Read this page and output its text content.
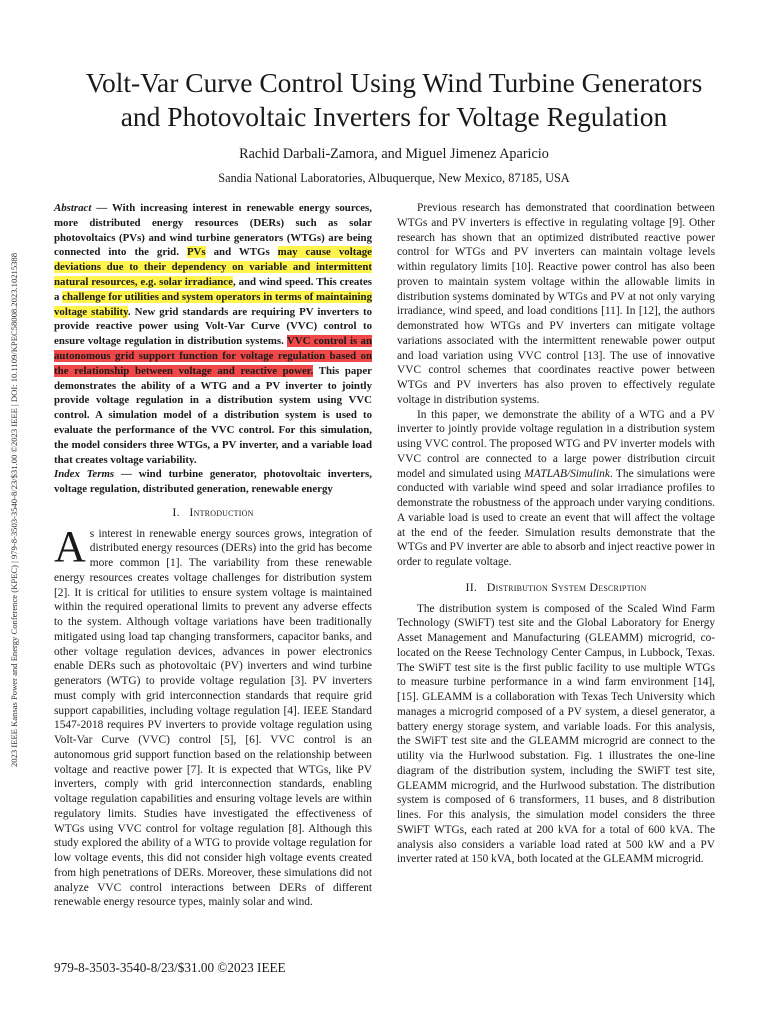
2023 IEEE Kansas Power and Energy Conference (KPEC) | 979-8-3503-3540-8/23/$31.00 ©2023 IEEE | DOI: 10.1109/KPEC58008.2023.10215388
Volt-Var Curve Control Using Wind Turbine Generators
and Photovoltaic Inverters for Voltage Regulation
Rachid Darbali-Zamora, and Miguel Jimenez Aparicio
Sandia National Laboratories, Albuquerque, New Mexico, 87185, USA

Abstract — With increasing interest in renewable energy sources, more distributed energy resources (DERs) such as solar photovoltaics (PVs) and wind turbine generators (WTGs) are being connected into the grid. PVs and WTGs may cause voltage deviations due to their dependency on variable and intermittent natural resources, e.g. solar irradiance, and wind speed. This creates a challenge for utilities and system operators in terms of maintaining voltage stability. New grid standards are requiring PV inverters to provide reactive power using Volt-Var Curve (VVC) control to ensure voltage regulation in distribution systems. VVC control is an autonomous grid support function for voltage regulation based on the relationship between voltage and reactive power. This paper demonstrates the ability of a WTG and a PV inverter to jointly provide voltage regulation in a distribution system using VVC control. A simulation model of a distribution system is used to evaluate the performance of the VVC control. For this simulation, the model considers three WTGs, a PV inverter, and a variable load that creates voltage variability.

Index Terms — wind turbine generator, photovoltaic inverters, voltage regulation, distributed generation, renewable energy

I. Introduction

As interest in renewable energy sources grows, integration of distributed energy resources (DERs) into the grid has become more common [1]. The variability from these renewable energy resources creates voltage challenges for distribution system [2]. It is critical for utilities to ensure system voltage is maintained within the required operational limits to prevent any adverse effects to the system. Although voltage variations have been traditionally mitigated using load tap changing transformers, capacitor banks, and other voltage regulation devices, advances in power electronics enable DERs such as photovoltaic (PV) inverters and wind turbine generators (WTG) to provide voltage regulation [3]. PV inverters must comply with grid interconnection standards that require grid support capabilities, including voltage regulation [4]. IEEE Standard 1547-2018 requires PV inverters to provide voltage regulation using Volt-Var Curve (VVC) control [5], [6]. VVC control is an autonomous grid support function based on the relationship between voltage and reactive power [7]. It is expected that WTGs, like PV inverters, comply with grid interconnection standards, enabling voltage regulation capabilities and ensuring voltage levels are within regulatory limits. Studies have investigated the effectiveness of WTGs using VVC control for voltage regulation [8]. Although this study explored the ability of a WTG to provide voltage regulation for low voltage events, this did not consider high voltage events created from high penetrations of DERs. Moreover, these simulations did not analyze VVC control interactions between DERs of different renewable energy resource types, mainly solar and wind.

Previous research has demonstrated that coordination between WTGs and PV inverters is effective in regulating voltage [9]. Other research has shown that an optimized distributed reactive power control for WTGs and PV inverters can maintain voltage levels within regulatory limits [10]. Reactive power control has also been proven to maintain system voltage within the allowable limits in distribution systems dominated by WTGs and PV at not only varying irradiance, wind speed, and load conditions [11]. In [12], the authors demonstrated how WTGs and PV inverters can mitigate voltage variations associated with the intermittent renewable power output and load variation using VVC control [13]. The use of innovative VVC control schemes that coordinates reactive power between WTGs and PV inverters has also proven to effectively regulate voltage in distribution systems.

In this paper, we demonstrate the ability of a WTG and a PV inverter to jointly provide voltage regulation in a distribution system using VVC control. The proposed WTG and PV inverter models with VVC control are connected to a large power distribution circuit model and simulated using MATLAB/Simulink. The simulations were conducted with variable wind speed and solar irradiance profiles to demonstrate the robustness of the approach under varying conditions. A variable load is used to create an event that will affect the voltage at the end of the feeder. Simulation results demonstrate that the WTGs and PV inverter are able to absorb and inject reactive power in order to regulate voltage.

II. Distribution System Description

The distribution system is composed of the Scaled Wind Farm Technology (SWiFT) test site and the Global Laboratory for Energy Asset Management and Manufacturing (GLEAMM) microgrid, co-located on the Reese Technology Center Campus, in Lubbock, Texas. The SWiFT test site is the first public facility to use multiple WTGs to measure turbine performance in a wind farm environment [14], [15]. GLEAMM is a collaboration with Texas Tech University which manages a microgrid composed of a PV system, a diesel generator, a battery energy storage system, and variable loads. For this analysis, the SWiFT test site and the GLEAMM microgrid are connect to the utility via the Hurlwood substation. Fig. 1 illustrates the one-line diagram of the distribution system, including the SWiFT test site, GLEAMM microgrid, and the Hurlwood substation. The distribution system is composed of 6 transformers, 11 buses, and 8 distribution lines. For this analysis, the simulation model considers the three SWiFT WTGs, each rated at 200 kVA for a total of 600 kVA. The analysis also considers a variable load rated at 500 kW and a PV inverter rated at 150 kVA, both located at the GLEAMM microgrid.

979-8-3503-3540-8/23/$31.00 ©2023 IEEE
